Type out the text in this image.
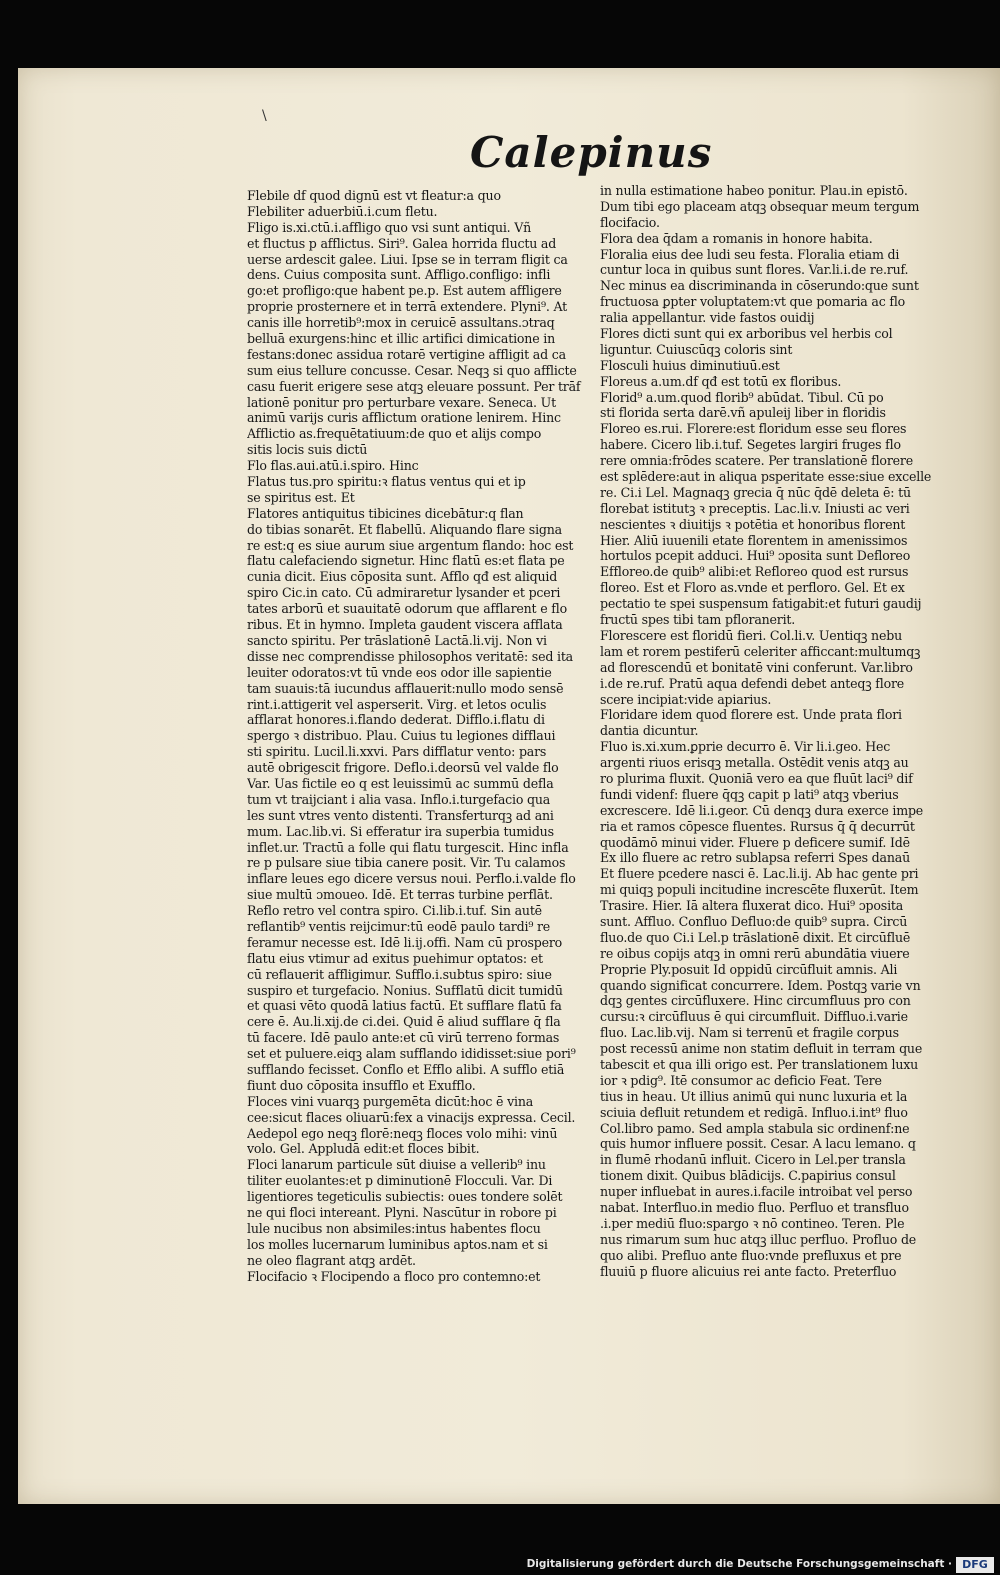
\
Calepinus
Flebile df quod dignū est vt fleatur:a quo
Flebiliter aduerbiū.i.cum fletu.
Fligo is.xi.ctū.i.affligo quo vsi sunt antiqui. Vñ
et fluctus p afflictus. Siri⁹. Galea horrida fluctu ad
uerse ardescit galee. Liui. Ipse se in terram fligit ca
dens. Cuius composita sunt. Affligo.confligo: infli
go:et profligo:que habent pe.p. Est autem affligere
proprie prosternere et in terrā extendere. Plyni⁹. At
canis ille horretib⁹:mox in ceruicē assultans.ɔtraq
belluā exurgens:hinc et illic artifici dimicatione in
festans:donec assidua rotarē vertigine affligit ad ca
sum eius tellure concusse. Cesar. Neqꝫ si quo afflicte
casu fuerit erigere sese atqꝫ eleuare possunt. Per trāf
lationē ponitur pro perturbare vexare. Seneca. Ut
animū varijs curis afflictum oratione lenirem. Hinc
Afflictio as.frequētatiuum:de quo et alijs compo
sitis locis suis dictū
Flo flas.aui.atū.i.spiro. Hinc
Flatus tus.pro spiritu:ꝛ flatus ventus qui et ip
se spiritus est. Et
Flatores antiquitus tibicines dicebātur:q flan
do tibias sonarēt. Et flabellū. Aliquando flare signa
re est:q es siue aurum siue argentum flando: hoc est
flatu calefaciendo signetur. Hinc flatū es:et flata pe
cunia dicit. Eius cōposita sunt. Afflo qđ est aliquid
spiro Cic.in cato. Cū admiraretur lysander et pceri
tates arborū et suauitatē odorum que afflarent e flo
ribus. Et in hymno. Impleta gaudent viscera afflata
sancto spiritu. Per trāslationē Lactā.li.vij. Non vi
disse nec comprendisse philosophos veritatē: sed ita
leuiter odoratos:vt tū vnde eos odor ille sapientie
tam suauis:tā iucundus afflauerit:nullo modo sensē
rint.i.attigerit vel asperserit. Virg. et letos oculis
afflarat honores.i.flando dederat. Difflo.i.flatu di
spergo ꝛ distribuo. Plau. Cuius tu legiones difflaui
sti spiritu. Lucil.li.xxvi. Pars difflatur vento: pars
autē obrigescit frigore. Deflo.i.deorsū vel valde flo
Var. Uas fictile eo q est leuissimū ac summū defla
tum vt traijciant i alia vasa. Inflo.i.turgefacio qua
les sunt vtres vento distenti. Transferturqꝫ ad ani
mum. Lac.lib.vi. Si efferatur ira superbia tumidus
inflet.ur. Tractū a folle qui flatu turgescit. Hinc infla
re p pulsare siue tibia canere posit. Vir. Tu calamos
inflare leues ego dicere versus noui. Perflo.i.valde flo
siue multū ɔmoueo. Idē. Et terras turbine perflāt.
Reflo retro vel contra spiro. Ci.lib.i.tuf. Sin autē
reflantib⁹ ventis reijcimur:tū eodē paulo tardi⁹ re
feramur necesse est. Idē li.ij.offi. Nam cū prospero
flatu eius vtimur ad exitus puehimur optatos: et
cū reflauerit affligimur. Sufflo.i.subtus spiro: siue
suspiro et turgefacio. Nonius. Sufflatū dicit tumidū
et quasi vēto quodā latius factū. Et sufflare flatū fa
cere ē. Au.li.xij.de ci.dei. Quid ē aliud sufflare q̄ fla
tū facere. Idē paulo ante:et cū virū terreno formas
set et puluere.eiqꝫ alam sufflando ididisset:siue pori⁹
sufflando fecisset. Conflo et Efflo alibi. A sufflo etiā
fiunt duo cōposita insufflo et Exufflo.
Floces vini vuarqꝫ purgemēta dicūt:hoc ē vina
cee:sicut flaces oliuarū:fex a vinacijs expressa. Cecil.
Aedepol ego neqꝫ florē:neqꝫ floces volo mihi: vinū
volo. Gel. Appludā edit:et floces bibit.
Floci lanarum particule sūt diuise a vellerib⁹ inu
tiliter euolantes:et p diminutionē Flocculi. Var. Di
ligentiores tegeticulis subiectis: oues tondere solēt
ne qui floci intereant. Plyni. Nascūtur in robore pi
lule nucibus non absimiles:intus habentes flocu
los molles lucernarum luminibus aptos.nam et si
ne oleo flagrant atqꝫ ardēt.
Flocifacio ꝛ Flocipendo a floco pro contemno:et
in nulla estimatione habeo ponitur. Plau.in epistō.
Dum tibi ego placeam atqꝫ obsequar meum tergum
flocifacio.
Flora dea q̄dam a romanis in honore habita.
Floralia eius dee ludi seu festa. Floralia etiam di
cuntur loca in quibus sunt flores. Var.li.i.de re.ruf.
Nec minus ea discriminanda in cōserundo:que sunt
fructuosa ꝑpter voluptatem:vt que pomaria ac flo
ralia appellantur. vide fastos ouidij
Flores dicti sunt qui ex arboribus vel herbis col
liguntur. Cuiuscūqꝫ coloris sint
Flosculi huius diminutiuū.est
Floreus a.um.df qđ est totū ex floribus.
Florid⁹ a.um.quod florib⁹ abūdat. Tibul. Cū po
sti florida serta darē.vñ apuleij liber in floridis
Floreo es.rui. Florere:est floridum esse seu flores
habere. Cicero lib.i.tuf. Segetes largiri fruges flo
rere omnia:frōdes scatere. Per translationē florere
est splēdere:aut in aliqua psperitate esse:siue excelle
re. Ci.i Lel. Magnaqꝫ grecia q̄ nūc q̄dē deleta ē: tū
florebat istitutꝫ ꝛ preceptis. Lac.li.v. Iniusti ac veri
nescientes ꝛ diuitijs ꝛ potētia et honoribus florent
Hier. Aliū iuuenili etate florentem in amenissimos
hortulos pcepit adduci. Hui⁹ ɔposita sunt Defloreo
Effloreo.de quib⁹ alibi:et Refloreo quod est rursus
floreo. Est et Floro as.vnde et perfloro. Gel. Et ex
pectatio te spei suspensum fatigabit:et futuri gaudij
fructū spes tibi tam pfloranerit.
Florescere est floridū fieri. Col.li.v. Uentiqꝫ nebu
lam et rorem pestiferū celeriter afficcant:multumqꝫ
ad florescendū et bonitatē vini conferunt. Var.libro
i.de re.ruf. Pratū aqua defendi debet anteqꝫ flore
scere incipiat:vide apiarius.
Floridare idem quod florere est. Unde prata flori
dantia dicuntur.
Fluo is.xi.xum.ꝑprie decurro ē. Vir li.i.geo. Hec
argenti riuos erisqꝫ metalla. Ostēdit venis atqꝫ au
ro plurima fluxit. Quoniā vero ea que fluūt laci⁹ dif
fundi videnf: fluere q̄qꝫ capit p lati⁹ atqꝫ vberius
excrescere. Idē li.i.geor. Cū denqꝫ dura exerce impe
ria et ramos cōpesce fluentes. Rursus q̄ q̄ decurrūt
quodāmō minui vider. Fluere p deficere sumif. Idē
Ex illo fluere ac retro sublapsa referri Spes danaū
Et fluere pcedere nasci ē. Lac.li.ij. Ab hac gente pri
mi quiqꝫ populi incitudine increscēte fluxerūt. Item
Trasire. Hier. Iā altera fluxerat dico. Hui⁹ ɔposita
sunt. Affluo. Confluo Defluo:de quib⁹ supra. Circū
fluo.de quo Ci.i Lel.p trāslationē dixit. Et circūfluē
re oibus copijs atqꝫ in omni rerū abundātia viuere
Proprie Ply.posuit Id oppidū circūfluit amnis. Ali
quando significat concurrere. Idem. Postqꝫ varie vn
dqꝫ gentes circūfluxere. Hinc circumfluus pro con
cursu:ꝛ circūfluus ē qui circumfluit. Diffluo.i.varie
fluo. Lac.lib.vij. Nam si terrenū et fragile corpus
post recessū anime non statim defluit in terram que
tabescit et qua illi origo est. Per translationem luxu
ior ꝛ pdig⁹. Itē consumor ac deficio Feat. Tere
tius in heau. Ut illius animū qui nunc luxuria et la
sciuia defluit retundem et redigā. Influo.i.int⁹ fluo
Col.libro pamo. Sed ampla stabula sic ordinenf:ne
quis humor influere possit. Cesar. A lacu lemano. q
in flumē rhodanū influit. Cicero in Lel.per transla
tionem dixit. Quibus blādicijs. C.papirius consul
nuper influebat in aures.i.facile introibat vel perso
nabat. Interfluo.in medio fluo. Perfluo et transfluo
.i.per mediū fluo:spargo ꝛ nō contineo. Teren. Ple
nus rimarum sum huc atqꝫ illuc perfluo. Profluo de
quo alibi. Prefluo ante fluo:vnde prefluxus et pre
fluuiū p fluore alicuius rei ante facto. Preterfluo
Digitalisierung gefördert durch die Deutsche Forschungsgemeinschaft · DFG
